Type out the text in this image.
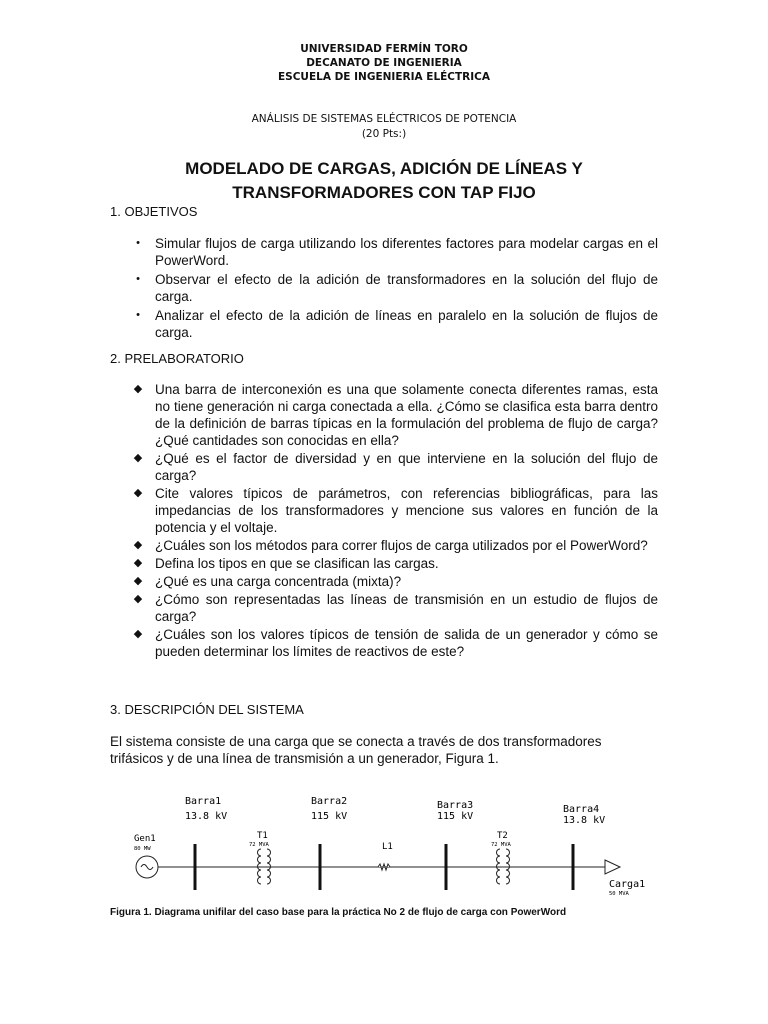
UNIVERSIDAD FERMÍN TORO
DECANATO DE INGENIERIA
ESCUELA DE INGENIERIA ELÉCTRICA
ANÁLISIS DE SISTEMAS ELÉCTRICOS DE POTENCIA
(20 Pts:)
MODELADO DE CARGAS, ADICIÓN DE LÍNEAS Y
TRANSFORMADORES CON TAP FIJO
1. OBJETIVOS
•	Simular flujos de carga utilizando los diferentes factores para modelar cargas en el PowerWord.
•	Observar el efecto de la adición de transformadores en la solución del flujo de carga.
•	Analizar el efecto de la adición de líneas en paralelo en la solución de flujos de carga.
2. PRELABORATORIO
◆ Una barra de interconexión es una que solamente conecta diferentes ramas, esta no tiene generación ni carga conectada a ella. ¿Cómo se clasifica esta barra dentro de la definición de barras típicas en la formulación del problema de flujo de carga? ¿Qué cantidades son conocidas en ella?
◆ ¿Qué es el factor de diversidad y en que interviene en la solución del flujo de carga?
◆ Cite valores típicos de parámetros, con referencias bibliográficas, para las impedancias de los transformadores y mencione sus valores en función de la potencia y el voltaje.
◆ ¿Cuáles son los métodos para correr flujos de carga utilizados por el PowerWord?
◆ Defina los tipos en que se clasifican las cargas.
◆ ¿Qué es una carga concentrada (mixta)?
◆ ¿Cómo son representadas las líneas de transmisión en un estudio de flujos de carga?
◆ ¿Cuáles son los valores típicos de tensión de salida de un generador y cómo se pueden determinar los límites de reactivos de este?
3. DESCRIPCIÓN DEL SISTEMA
El sistema consiste de una carga que se conecta a través de dos transformadores trifásicos y de una línea de transmisión a un generador, Figura 1.
Gen1
80 MW
Barra1
13.8 kV
Barra2
115 kV
Barra3
115 kV
Barra4
13.8 kV
T1
72 MVA	L1
T2
72 MVA
Carga1
50 MVA
Figura 1. Diagrama unifilar del caso base para la práctica No 2 de flujo de carga con PowerWord
